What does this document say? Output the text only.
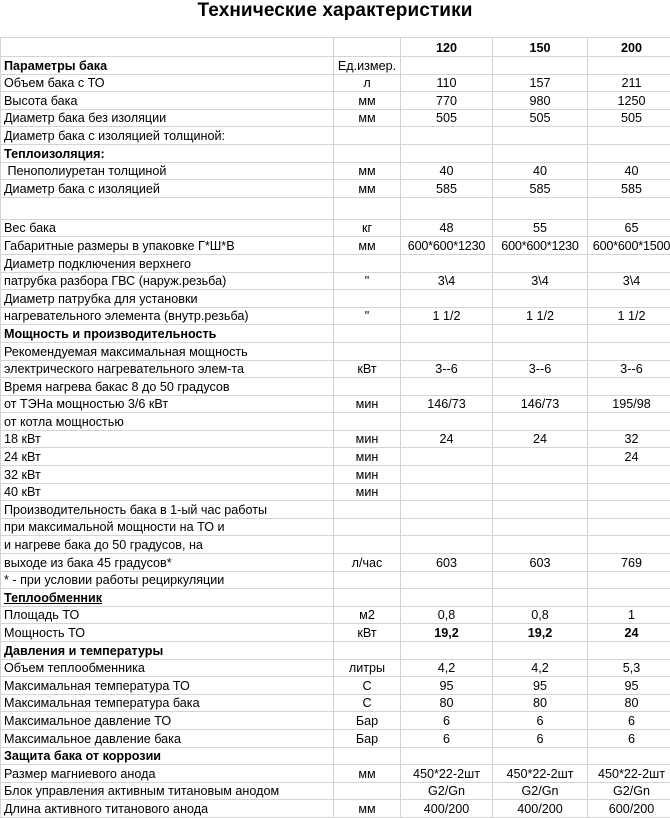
Технические характеристики
		120	150	200
Параметры бака	Ед.измер.			
Объем бака с ТО	л	110	157	211
Высота бака	мм	770	980	1250
Диаметр бака без изоляции	мм	505	505	505
Диаметр бака с изоляцией толщиной:				
Теплоизоляция:				
Пенополиуретан толщиной	мм	40	40	40
Диаметр бака с изоляцией	мм	585	585	585

Вес бака	кг	48	55	65
Габаритные размеры в упаковке Г*Ш*В	мм	600*600*1230	600*600*1230	600*600*1500
Диаметр подключения верхнего				
патрубка разбора ГВС (наруж.резьба)	"	3\4	3\4	3\4
Диаметр патрубка для установки				
нагревательного элемента (внутр.резьба)	"	1 1/2	1 1/2	1 1/2
Мощность и производительность				
Рекомендуемая максимальная мощность				
электрического нагревательного элем-та	кВт	3--6	3--6	3--6
Время нагрева бакас 8 до 50 градусов				
от ТЭНа мощностью 3/6 кВт	мин	146/73	146/73	195/98
от котла мощностью				
18 кВт	мин	24	24	32
24 кВт	мин			24
32 кВт	мин			
40 кВт	мин			
Производительность бака в 1-ый час работы				
при максимальной мощности на ТО и				
и нагреве бака до 50 градусов, на				
выходе из бака 45 градусов*	л/час	603	603	769
* - при условии работы рециркуляции				
Теплообменник				
Площадь ТО	м2	0,8	0,8	1
Мощность ТО	кВт	19,2	19,2	24
Давления и температуры				
Объем теплообменника	литры	4,2	4,2	5,3
Максимальная температура ТО	С	95	95	95
Максимальная температура бака	С	80	80	80
Максимальное давление ТО	Бар	6	6	6
Максимальное давление бака	Бар	6	6	6
Защита бака от коррозии				
Размер магниевого анода	мм	450*22-2шт	450*22-2шт	450*22-2шт
Блок управления активным титановым анодом		G2/Gn	G2/Gn	G2/Gn
Длина активного титанового анода	мм	400/200	400/200	600/200
